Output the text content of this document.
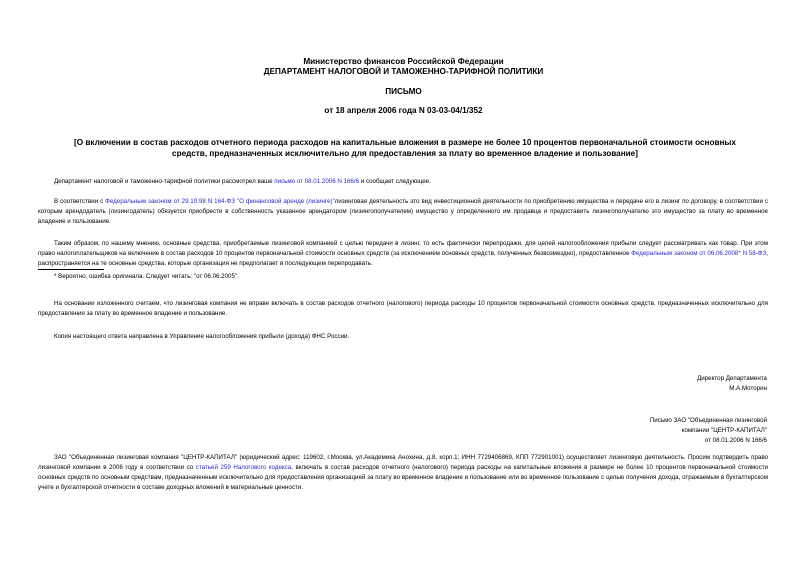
Министерство финансов Российской Федерации
ДЕПАРТАМЕНТ НАЛОГОВОЙ И ТАМОЖЕННО-ТАРИФНОЙ ПОЛИТИКИ
ПИСЬМО
от 18 апреля 2006 года N 03-03-04/1/352
[О включении в состав расходов отчетного периода расходов на капитальные вложения в размере не более 10 процентов первоначальной стоимости основных средств, предназначенных исключительно для предоставления за плату во временное владение и пользование]
Департамент налоговой и таможенно-тарифной политики рассмотрел ваше письмо от 08.01.2006 N 166/6 и сообщает следующее.
В соответствии с Федеральным законом от 29.10.98 N 164-ФЗ "О финансовой аренде (лизинге)"лизинговая деятельность это вид инвестиционной деятельности по приобретению имущества и передаче его в лизинг по договору, в соответствии с которым арендодатель (лизингодатель) обязуется приобрести в собственность указанное арендатором (лизингополучателем) имущество у определенного им продавца и предоставить лизингополучателю это имущество за плату во временное владение и пользование.
Таким образом, по нашему мнению, основные средства, приобретаемые лизинговой компанией с целью передачи в лизинг, то есть фактически перепродажи, для целей налогообложения прибыли следует рассматривать как товар. При этом право налогоплательщиков на включение в состав расходов 10 процентов первоначальной стоимости основных средств (за исключением основных средств, полученных безвозмездно), предоставленное Федеральным законом от 06.06.2008* N 58-ФЗ, распространяется на те основные средства, которые организация не предполагает в последующем перепродавать.
* Вероятно, ошибка оригинала. Следует читать: "от 06.06.2005".
На основании изложенного считаем, что лизинговая компания не вправе включать в состав расходов отчетного (налогового) периода расходы 10 процентов первоначальной стоимости основных средств, предназначенных исключительно для предоставления за плату во временное владение и пользование.
Копия настоящего ответа направлена в Управление налогообложения прибыли (дохода) ФНС России.
Директор Департамента
М.А.Моторин
Письмо ЗАО "Объединенная лизинговой
компании "ЦЕНТР-КАПИТАЛ"
от 08.01.2006 N 166/6
ЗАО "Объединенная лизинговая компания "ЦЕНТР-КАПИТАЛ" (юридический адрес: 119602, г.Москва, ул.Академика Анохина, д.8, корп.1; ИНН 7729406869, КПП 772901001) осуществляет лизинговую деятельность. Просим подтвердить право лизинговой компании в 2006 году в соответствии со статьей 259 Налогового кодекса, включать в состав расходов отчетного (налогового) периода расходы на капитальные вложения в размере не более 10 процентов первоначальной стоимости основных средств по основным средствам, предназначенным исключительно для предоставления организацией за плату во временное владение и пользование или во временное пользование с целью получения дохода, отражаемым в бухгалтерском учете и бухгалтерской отчетности в составе доходных вложений в материальные ценности.
